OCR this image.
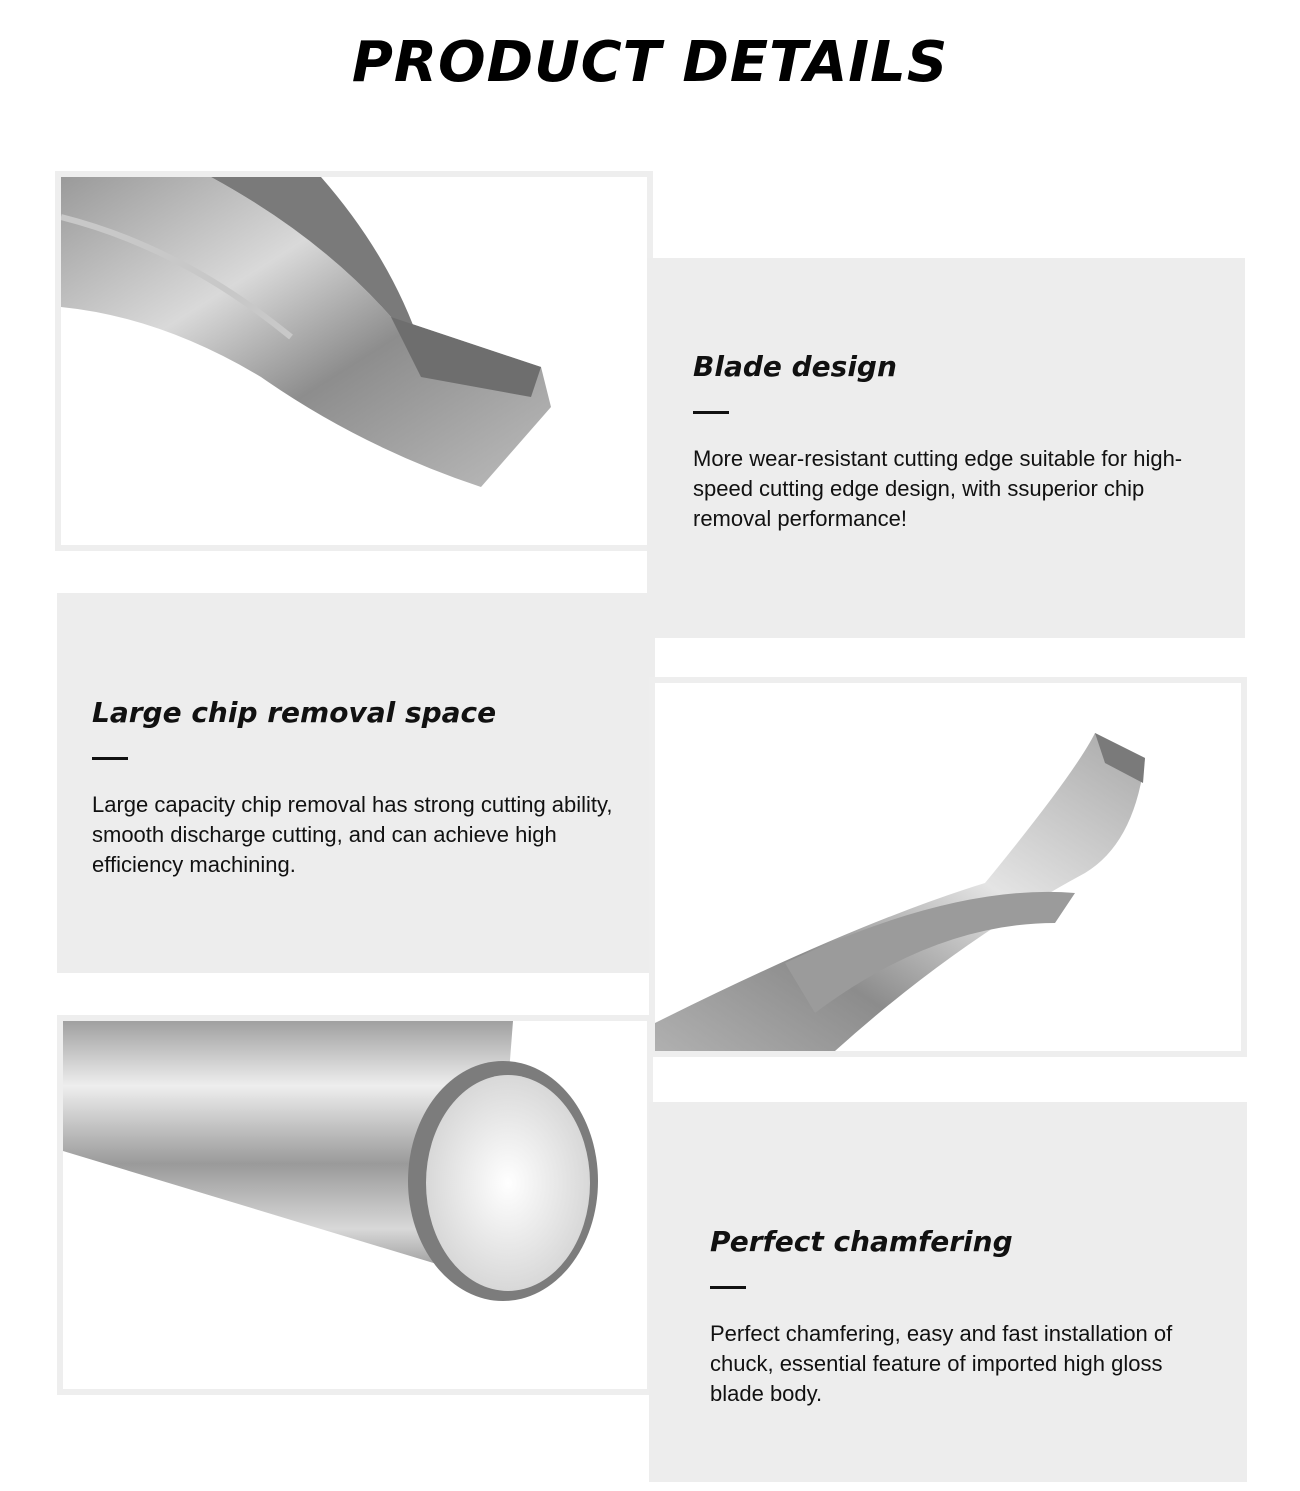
PRODUCT DETAILS
Blade design

More wear-resistant cutting edge suitable for high-speed cutting edge design, with ssuperior chip removal performance!

Large chip removal space

Large capacity chip removal has strong cutting ability, smooth discharge cutting, and can achieve high efficiency machining.

Perfect chamfering

Perfect chamfering, easy and fast installation of chuck, essential feature of imported high gloss blade body.
